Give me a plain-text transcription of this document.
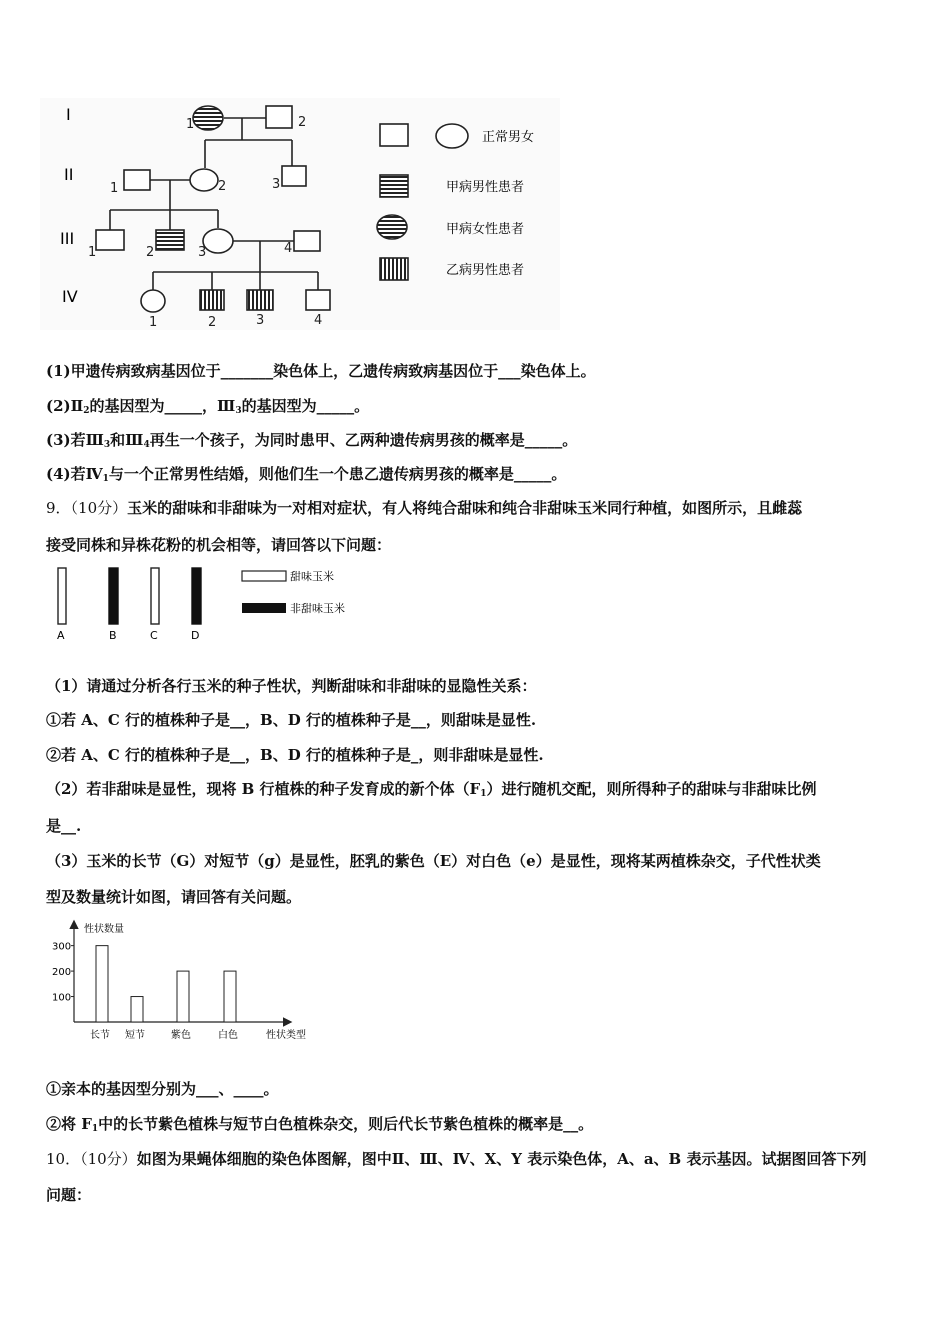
I
II
III
IV
1	2
1	2	3
1	2	3	4
1	2	3	4
正常男女
甲病男性患者
甲病女性患者
乙病男性患者
(1)甲遗传病致病基因位于_______染色体上，乙遗传病致病基因位于___染色体上。
$(2)Ⅱ_2$的基因型为_____，$Ⅲ_3$的基因型为_____。
(3)若$Ⅲ_3$和$Ⅲ_4$再生一个孩子，为同时患甲、乙两种遗传病男孩的概率是_____。
(4)若$Ⅳ_1$与一个正常男性结婚，则他们生一个患乙遗传病男孩的概率是_____。
9．（10分）玉米的甜味和非甜味为一对相对症状，有人将纯合甜味和纯合非甜味玉米同行种植，如图所示，且雌蕊
接受同株和异株花粉的机会相等，请回答以下问题：
A	B	C	D
甜味玉米
非甜味玉米
（1）请通过分析各行玉米的种子性状，判断甜味和非甜味的显隐性关系：
①若 A、C 行的植株种子是__，B、D 行的植株种子是__，则甜味是显性.
②若 A、C 行的植株种子是__，B、D 行的植株种子是_，则非甜味是显性.
（2）若非甜味是显性，现将 B 行植株的种子发育成的新个体$(F_1)$进行随机交配，则所得种子的甜味与非甜味比例
是__.
（3）玉米的长节（G）对短节（g）是显性，胚乳的紫色（E）对白色（e）是显性，现将某两植株杂交，子代性状类
型及数量统计如图，请回答有关问题。
性状数量
性状类型
100
200
300
长节 短节	紫色	白色
①亲本的基因型分别为___、____。
②将 $F_1$中的长节紫色植株与短节白色植株杂交，则后代长节紫色植株的概率是__。
10．（10分）如图为果蝇体细胞的染色体图解，图中Ⅱ、Ⅲ、Ⅳ、X、Y 表示染色体，A、a、B 表示基因。试据图回答下列
问题：
